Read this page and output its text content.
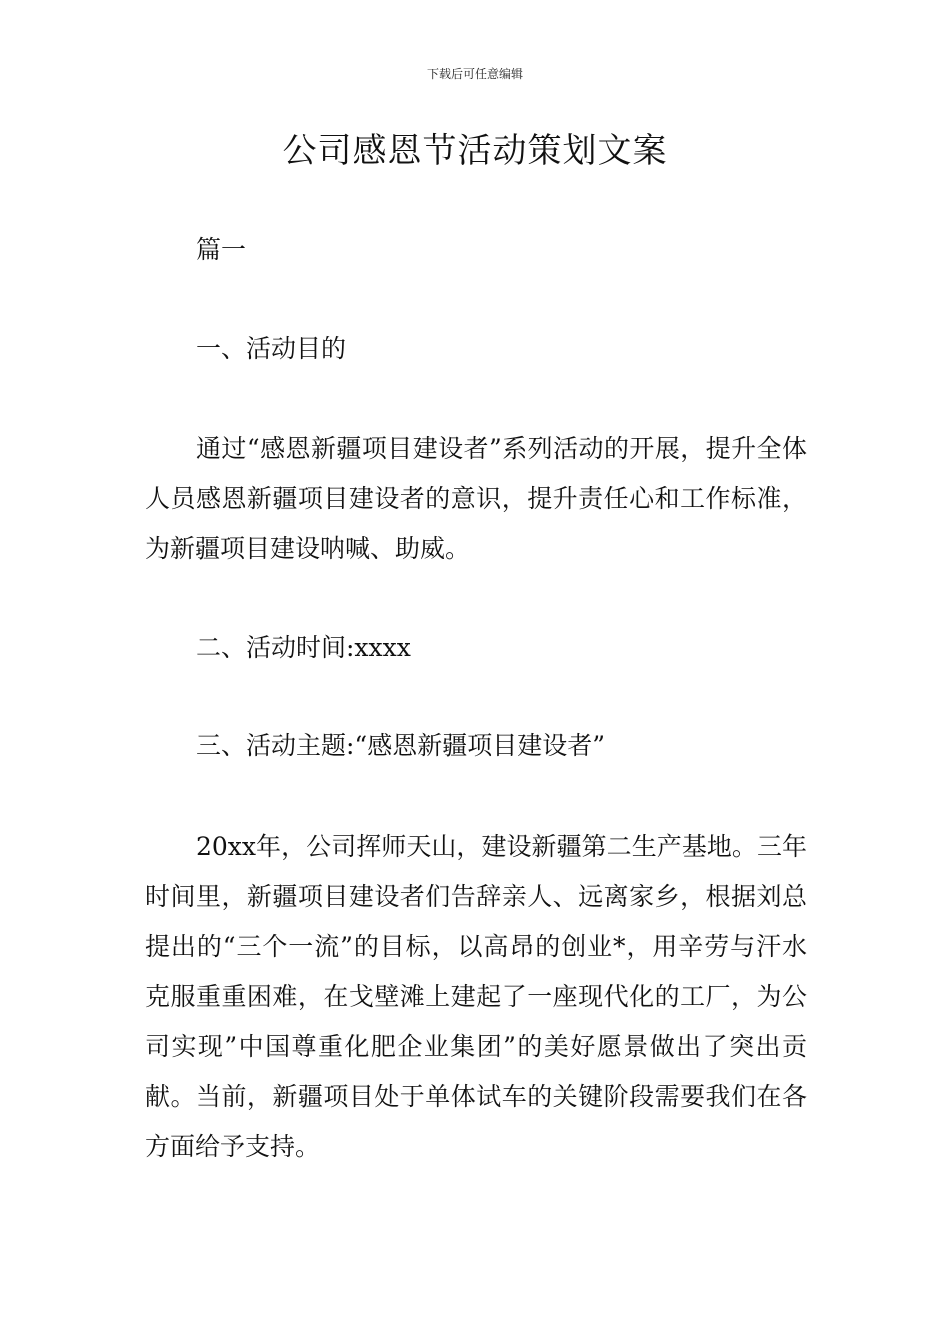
下载后可任意编辑
公司感恩节活动策划文案

篇一

一、活动目的

通过“感恩新疆项目建设者”系列活动的开展，提升全体人员感恩新疆项目建设者的意识，提升责任心和工作标准，为新疆项目建设呐喊、助威。

二、活动时间:xxxx

三、活动主题:“感恩新疆项目建设者”

20xx年，公司挥师天山，建设新疆第二生产基地。三年时间里，新疆项目建设者们告辞亲人、远离家乡，根据刘总提出的“三个一流”的目标，以高昂的创业*，用辛劳与汗水克服重重困难，在戈壁滩上建起了一座现代化的工厂，为公司实现”中国尊重化肥企业集团”的美好愿景做出了突出贡献。当前，新疆项目处于单体试车的关键阶段需要我们在各方面给予支持。
